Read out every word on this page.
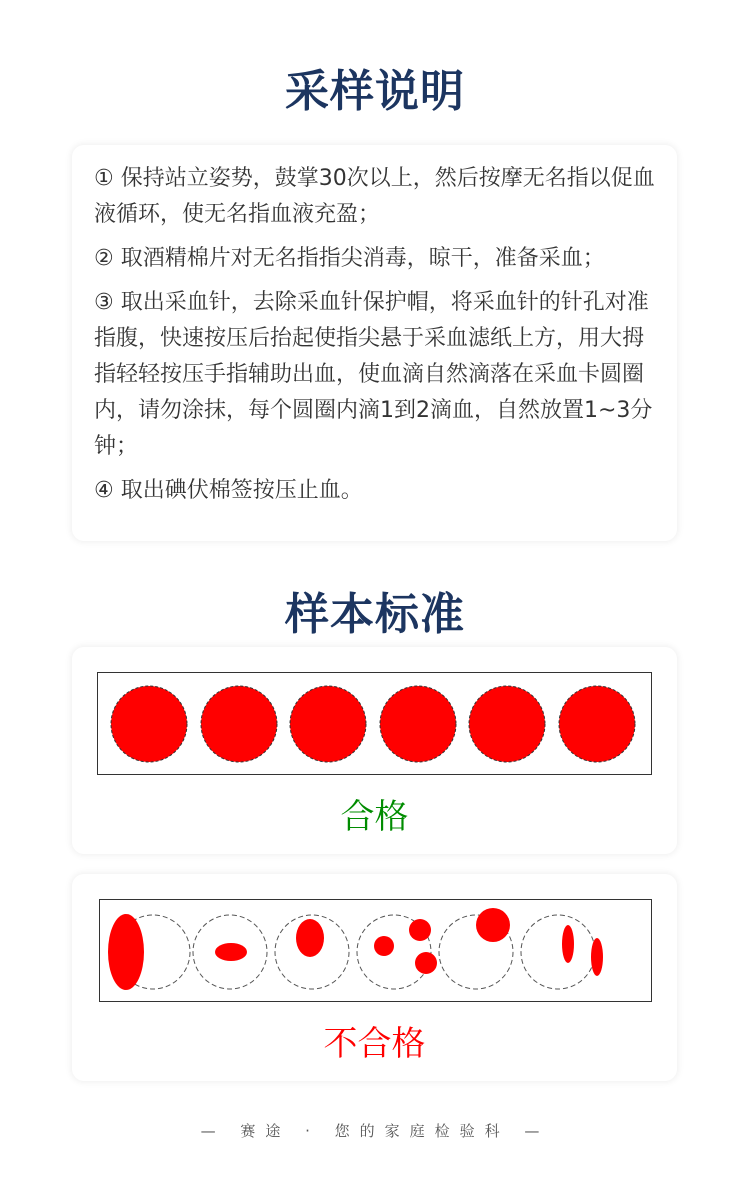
采样说明
① 保持站立姿势，鼓掌30次以上，然后按摩无名指以促血液循环，使无名指血液充盈；
② 取酒精棉片对无名指指尖消毒，晾干，准备采血；
③ 取出采血针，去除采血针保护帽，将采血针的针孔对准指腹，快速按压后抬起使指尖悬于采血滤纸上方，用大拇指轻轻按压手指辅助出血，使血滴自然滴落在采血卡圆圈内，请勿涂抹，每个圆圈内滴1到2滴血，自然放置1~3分钟；
④ 取出碘伏棉签按压止血。
样本标准
合格
不合格
— 赛途 · 您的家庭检验科 —
